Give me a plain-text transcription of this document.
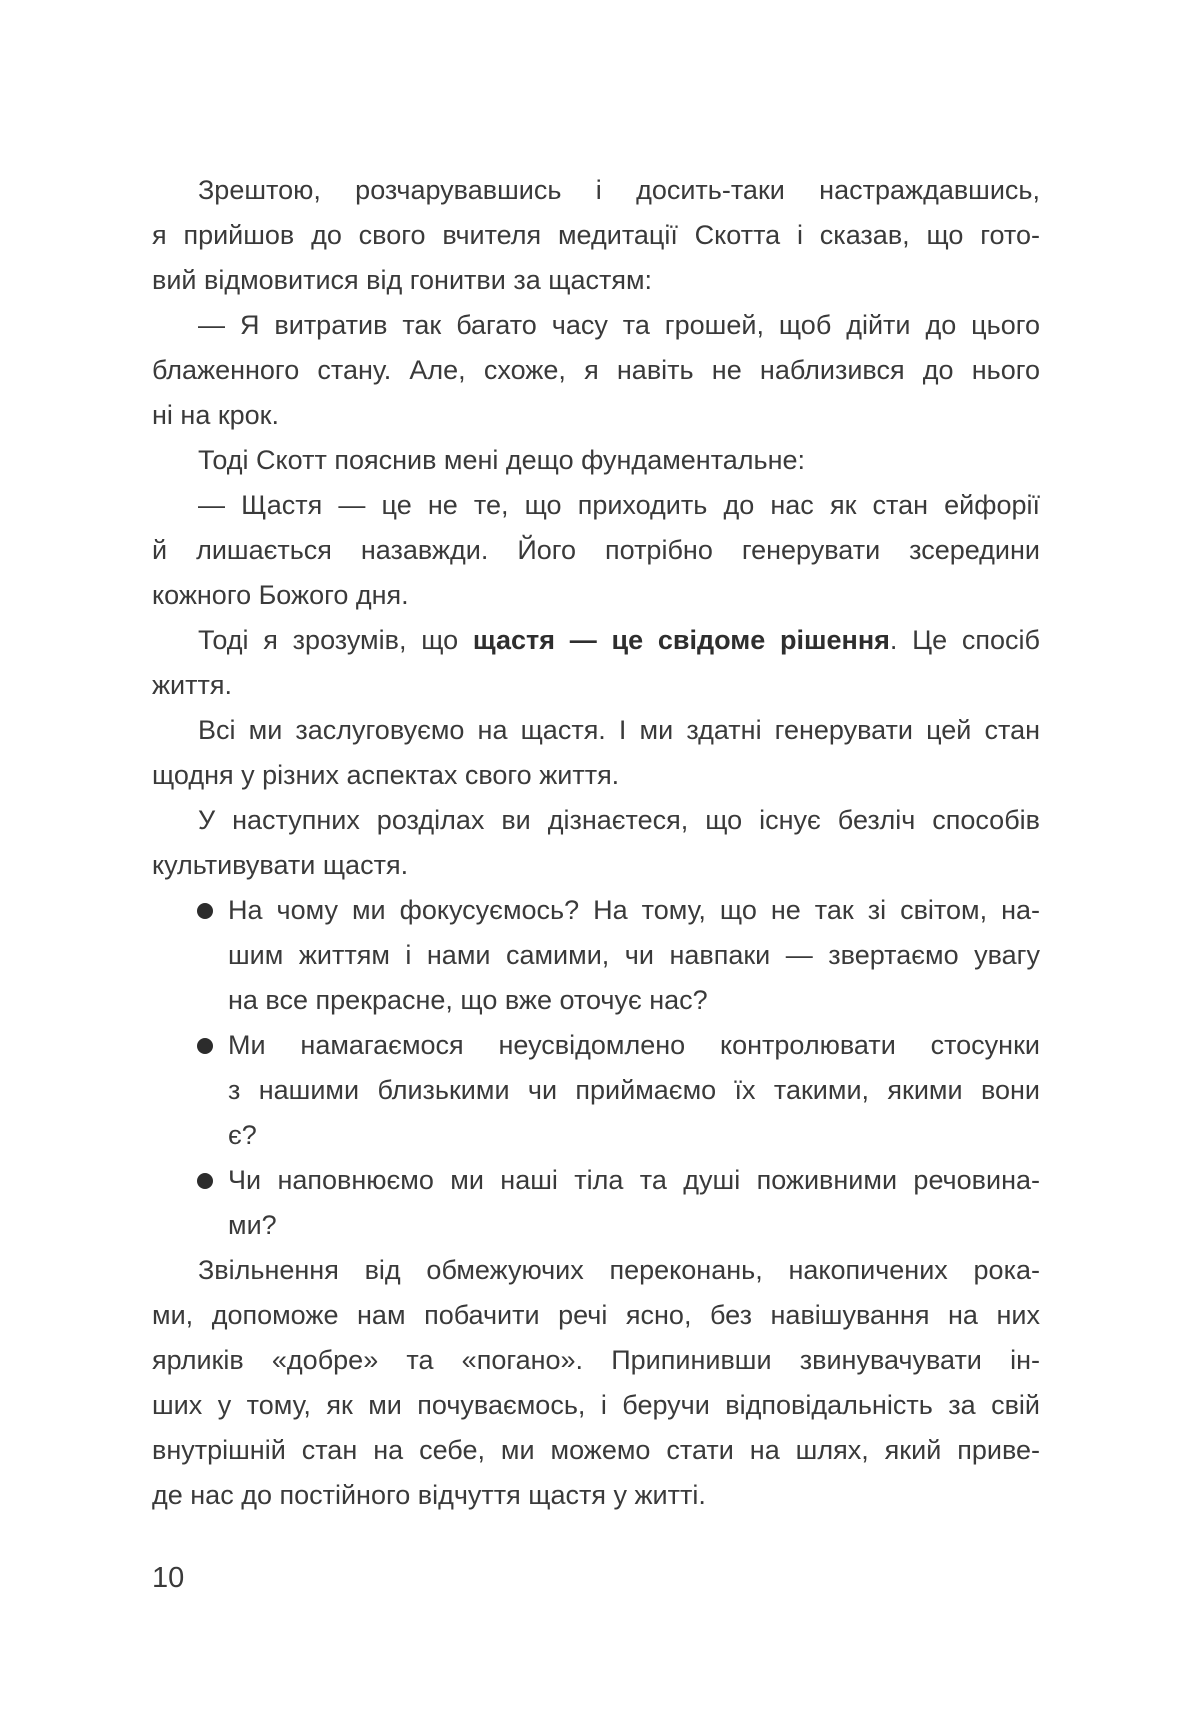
Зрештою, розчарувавшись і досить-таки настраждавшись,
я прийшов до свого вчителя медитації Скотта і сказав, що гото-
вий відмовитися від гонитви за щастям:
— Я витратив так багато часу та грошей, щоб дійти до цього
блаженного стану. Але, схоже, я навіть не наблизився до нього
ні на крок.
Тоді Скотт пояснив мені дещо фундаментальне:
— Щастя — це не те, що приходить до нас як стан ейфорії
й лишається назавжди. Його потрібно генерувати зсередини
кожного Божого дня.
Тоді я зрозумів, що щастя — це свідоме рішення. Це спосіб
життя.
Всі ми заслуговуємо на щастя. І ми здатні генерувати цей стан
щодня у різних аспектах свого життя.
У наступних розділах ви дізнаєтеся, що існує безліч способів
культивувати щастя.
На чому ми фокусуємось? На тому, що не так зі світом, на-
шим життям і нами самими, чи навпаки — звертаємо увагу
на все прекрасне, що вже оточує нас?
Ми намагаємося неусвідомлено контролювати стосунки
з нашими близькими чи приймаємо їх такими, якими вони
є?
Чи наповнюємо ми наші тіла та душі поживними речовина-
ми?
Звільнення від обмежуючих переконань, накопичених рока-
ми, допоможе нам побачити речі ясно, без навішування на них
ярликів «добре» та «погано». Припинивши звинувачувати ін-
ших у тому, як ми почуваємось, і беручи відповідальність за свій
внутрішній стан на себе, ми можемо стати на шлях, який приве-
де нас до постійного відчуття щастя у житті.
10
